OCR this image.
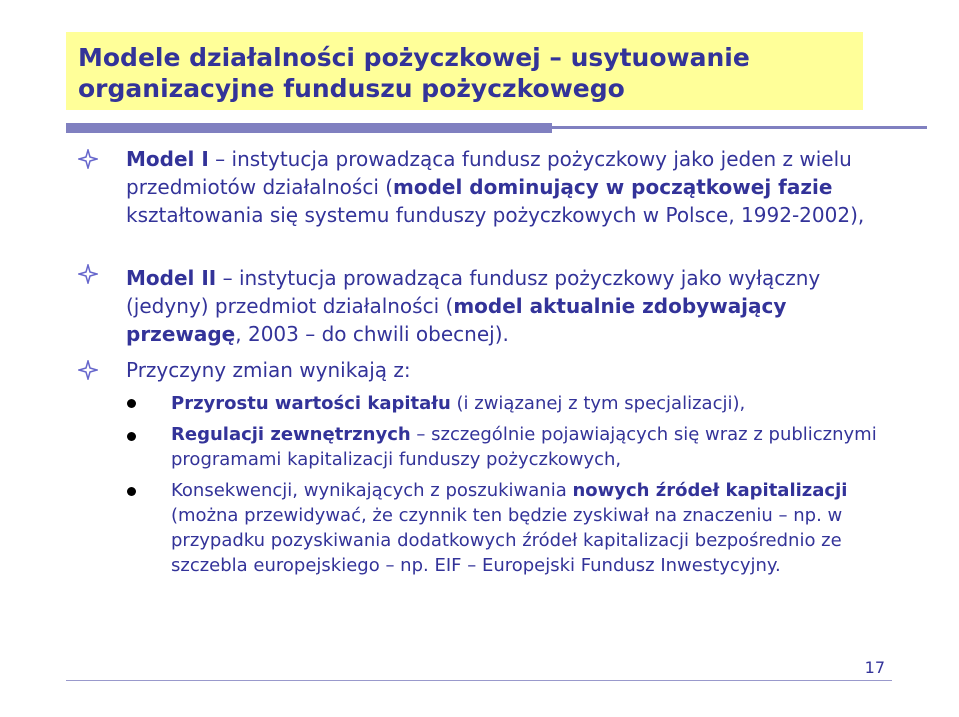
Modele działalności pożyczkowej – usytuowanie organizacyjne funduszu pożyczkowego

Model I – instytucja prowadząca fundusz pożyczkowy jako jeden z wielu przedmiotów działalności (model dominujący w początkowej fazie kształtowania się systemu funduszy pożyczkowych w Polsce, 1992-2002),

Model II – instytucja prowadząca fundusz pożyczkowy jako wyłączny (jedyny) przedmiot działalności (model aktualnie zdobywający przewagę, 2003 – do chwili obecnej).

Przyczyny zmian wynikają z:

Przyrostu wartości kapitału (i związanej z tym specjalizacji),

Regulacji zewnętrznych – szczególnie pojawiających się wraz z publicznymi programami kapitalizacji funduszy pożyczkowych,

Konsekwencji, wynikających z poszukiwania nowych źródeł kapitalizacji (można przewidywać, że czynnik ten będzie zyskiwał na znaczeniu – np. w przypadku pozyskiwania dodatkowych źródeł kapitalizacji bezpośrednio ze szczebla europejskiego – np. EIF – Europejski Fundusz Inwestycyjny.

17
